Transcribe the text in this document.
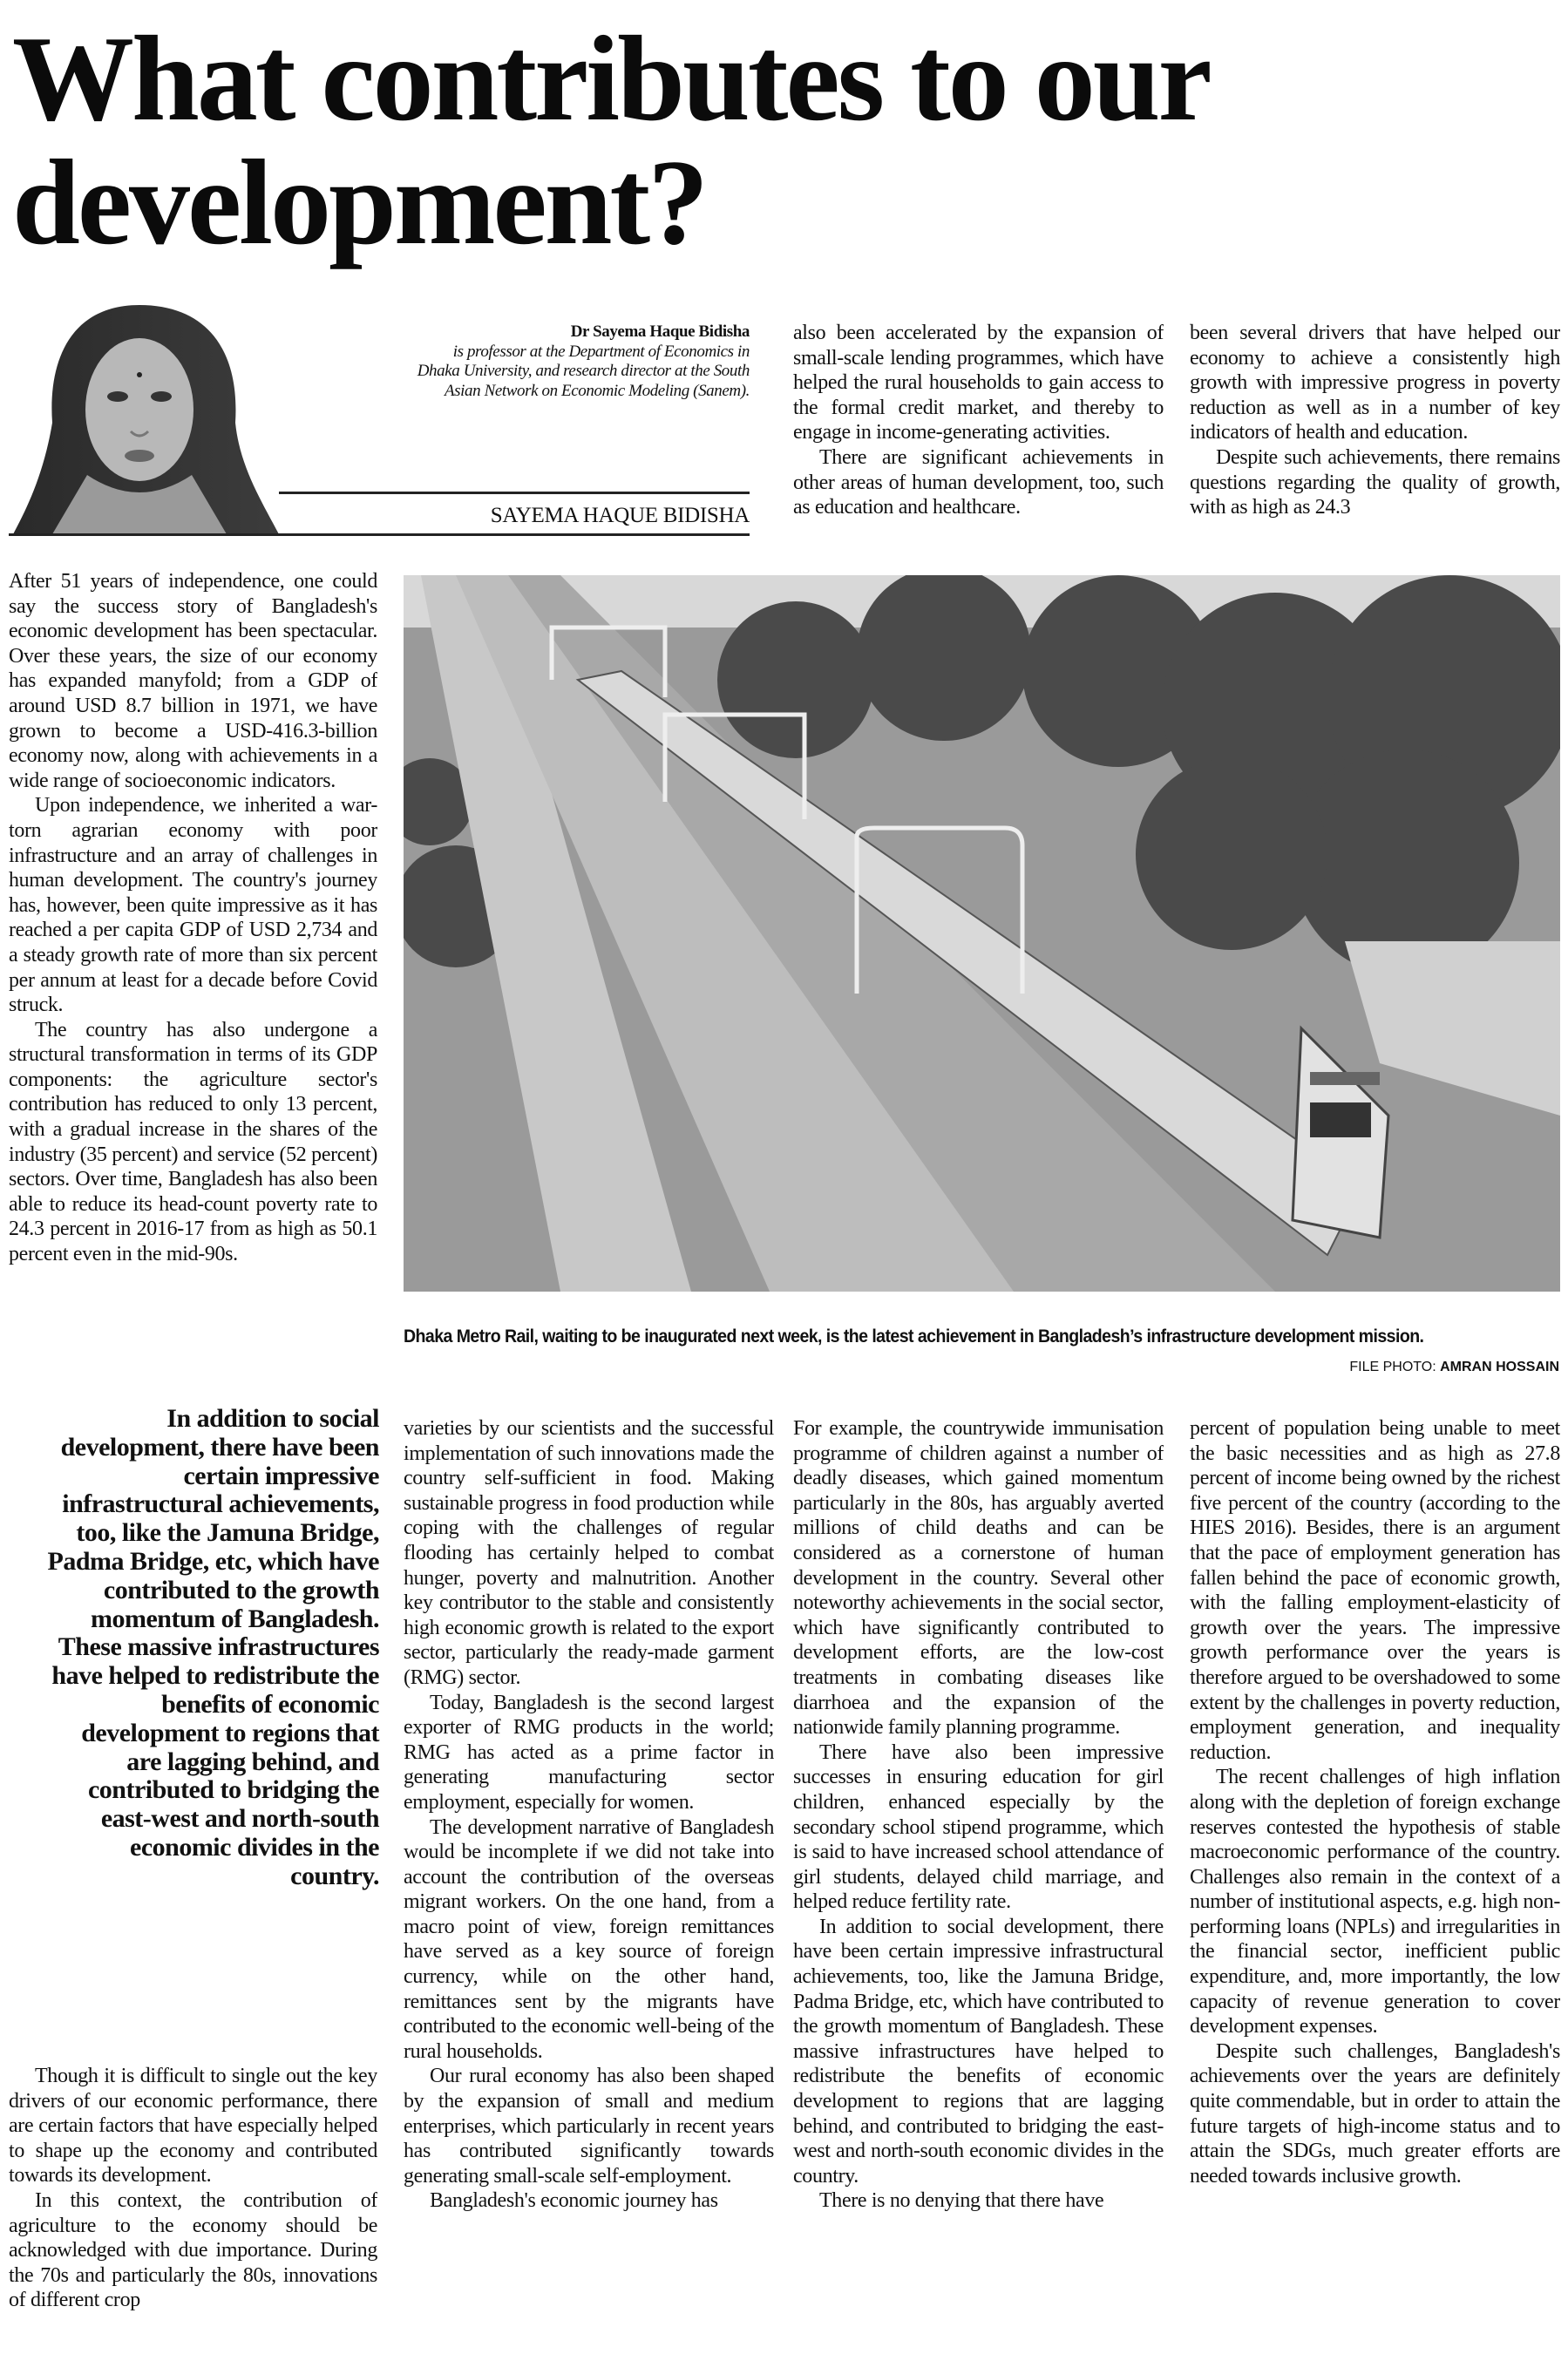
What contributes to our
development?
Dr Sayema Haque Bidisha
is professor at the Department of Economics in Dhaka University, and research director at the South Asian Network on Economic Modeling (Sanem).
SAYEMA HAQUE BIDISHA

also been accelerated by the expansion of small-scale lending programmes, which have helped the rural households to gain access to the formal credit market, and thereby to engage in income-generating activities.

There are significant achievements in other areas of human development, too, such as education and healthcare.

been several drivers that have helped our economy to achieve a consistently high growth with impressive progress in poverty reduction as well as in a number of key indicators of health and education.

Despite such achievements, there remains questions regarding the quality of growth, with as high as 24.3

After 51 years of independence, one could say the success story of Bangladesh's economic development has been spectacular. Over these years, the size of our economy has expanded manyfold; from a GDP of around USD 8.7 billion in 1971, we have grown to become a USD-416.3-billion economy now, along with achievements in a wide range of socioeconomic indicators.

Upon independence, we inherited a war-torn agrarian economy with poor infrastructure and an array of challenges in human development. The country's journey has, however, been quite impressive as it has reached a per capita GDP of USD 2,734 and a steady growth rate of more than six percent per annum at least for a decade before Covid struck.

The country has also undergone a structural transformation in terms of its GDP components: the agriculture sector's contribution has reduced to only 13 percent, with a gradual increase in the shares of the industry (35 percent) and service (52 percent) sectors. Over time, Bangladesh has also been able to reduce its head-count poverty rate to 24.3 percent in 2016-17 from as high as 50.1 percent even in the mid-90s.

Dhaka Metro Rail, waiting to be inaugurated next week, is the latest achievement in Bangladesh’s infrastructure development mission.
FILE PHOTO: AMRAN HOSSAIN
In addition to social development, there have been certain impressive infrastructural achievements, too, like the Jamuna Bridge, Padma Bridge, etc, which have contributed to the growth momentum of Bangladesh. These massive infrastructures have helped to redistribute the benefits of economic development to regions that are lagging behind, and contributed to bridging the east-west and north-south economic divides in the country.

Though it is difficult to single out the key drivers of our economic performance, there are certain factors that have especially helped to shape up the economy and contributed towards its development.

In this context, the contribution of agriculture to the economy should be acknowledged with due importance. During the 70s and particularly the 80s, innovations of different crop

varieties by our scientists and the successful implementation of such innovations made the country self-sufficient in food. Making sustainable progress in food production while coping with the challenges of regular flooding has certainly helped to combat hunger, poverty and malnutrition. Another key contributor to the stable and consistently high economic growth is related to the export sector, particularly the ready-made garment (RMG) sector.

Today, Bangladesh is the second largest exporter of RMG products in the world; RMG has acted as a prime factor in generating manufacturing sector employment, especially for women.

The development narrative of Bangladesh would be incomplete if we did not take into account the contribution of the overseas migrant workers. On the one hand, from a macro point of view, foreign remittances have served as a key source of foreign currency, while on the other hand, remittances sent by the migrants have contributed to the economic well-being of the rural households.

Our rural economy has also been shaped by the expansion of small and medium enterprises, which particularly in recent years has contributed significantly towards generating small-scale self-employment.

Bangladesh's economic journey has

For example, the countrywide immunisation programme of children against a number of deadly diseases, which gained momentum particularly in the 80s, has arguably averted millions of child deaths and can be considered as a cornerstone of human development in the country. Several other noteworthy achievements in the social sector, which have significantly contributed to development efforts, are the low-cost treatments in combating diseases like diarrhoea and the expansion of the nationwide family planning programme.

There have also been impressive successes in ensuring education for girl children, enhanced especially by the secondary school stipend programme, which is said to have increased school attendance of girl students, delayed child marriage, and helped reduce fertility rate.

In addition to social development, there have been certain impressive infrastructural achievements, too, like the Jamuna Bridge, Padma Bridge, etc, which have contributed to the growth momentum of Bangladesh. These massive infrastructures have helped to redistribute the benefits of economic development to regions that are lagging behind, and contributed to bridging the east-west and north-south economic divides in the country.

There is no denying that there have

percent of population being unable to meet the basic necessities and as high as 27.8 percent of income being owned by the richest five percent of the country (according to the HIES 2016). Besides, there is an argument that the pace of employment generation has fallen behind the pace of economic growth, with the falling employment-elasticity of growth over the years. The impressive growth performance over the years is therefore argued to be overshadowed to some extent by the challenges in poverty reduction, employment generation, and inequality reduction.

The recent challenges of high inflation along with the depletion of foreign exchange reserves contested the hypothesis of stable macroeconomic performance of the country. Challenges also remain in the context of a number of institutional aspects, e.g. high non-performing loans (NPLs) and irregularities in the financial sector, inefficient public expenditure, and, more importantly, the low capacity of revenue generation to cover development expenses.

Despite such challenges, Bangladesh's achievements over the years are definitely quite commendable, but in order to attain the future targets of high-income status and to attain the SDGs, much greater efforts are needed towards inclusive growth.
